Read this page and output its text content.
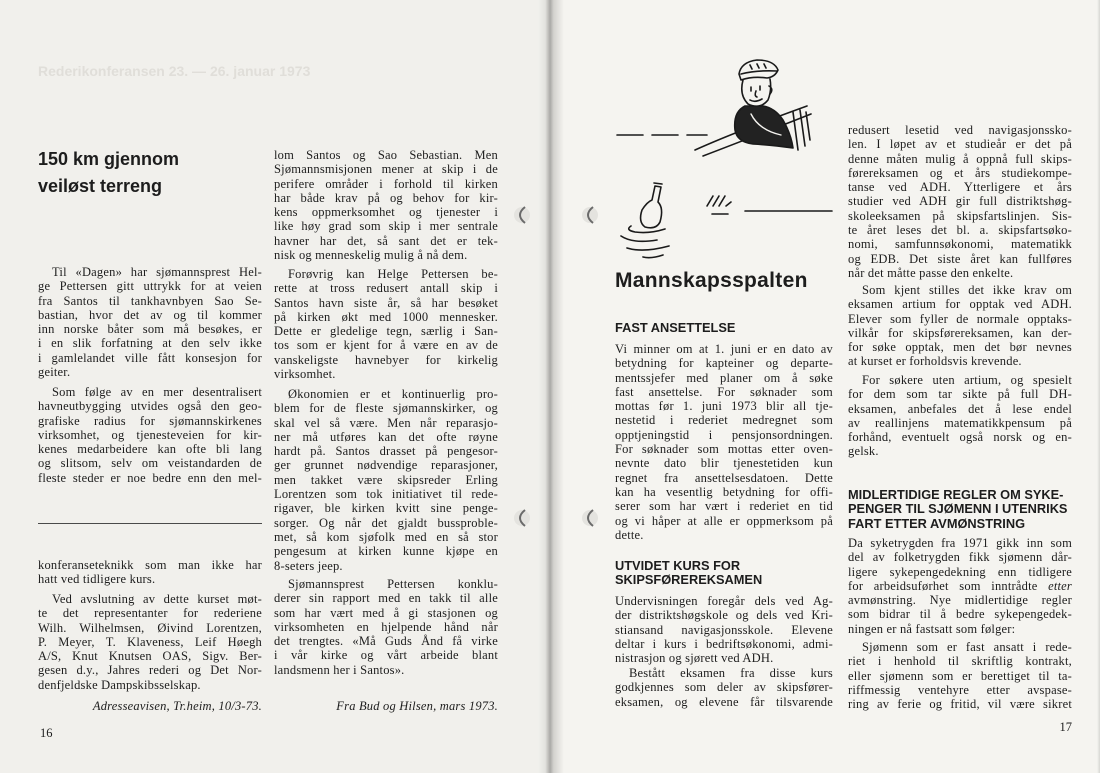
Rederikonferansen 23. — 26. januar 1973
150 km gjennom
veiløst terreng
Til «Dagen» har sjømannsprest Hel-
ge Pettersen gitt uttrykk for at veien
fra Santos til tankhavnbyen Sao Se-
bastian, hvor det av og til kommer
inn norske båter som må besøkes, er
i en slik forfatning at den selv ikke
i gamlelandet ville fått konsesjon for
geiter.
Som følge av en mer desentralisert
havneutbygging utvides også den geo-
grafiske radius for sjømannskirkenes
virksomhet, og tjenesteveien for kir-
kenes medarbeidere kan ofte bli lang
og slitsom, selv om veistandarden de
fleste steder er noe bedre enn den mel-
konferanseteknikk som man ikke har
hatt ved tidligere kurs.
Ved avslutning av dette kurset møt-
te det representanter for rederiene
Wilh. Wilhelmsen, Øivind Lorentzen,
P. Meyer, T. Klaveness, Leif Høegh
A/S, Knut Knutsen OAS, Sigv. Ber-
gesen d.y., Jahres rederi og Det Nor-
denfjeldske Dampskibsselskap.
Adresseavisen, Tr.heim, 10/3-73.
16
lom Santos og Sao Sebastian. Men
Sjømannsmisjonen mener at skip i de
perifere områder i forhold til kirken
har både krav på og behov for kir-
kens oppmerksomhet og tjenester i
like høy grad som skip i mer sentrale
havner har det, så sant det er tek-
nisk og menneskelig mulig å nå dem.
Forøvrig kan Helge Pettersen be-
rette at tross redusert antall skip i
Santos havn siste år, så har besøket
på kirken økt med 1000 mennesker.
Dette er gledelige tegn, særlig i San-
tos som er kjent for å være en av de
vanskeligste havnebyer for kirkelig
virksomhet.
Økonomien er et kontinuerlig pro-
blem for de fleste sjømannskirker, og
skal vel så være. Men når reparasjo-
ner må utføres kan det ofte røyne
hardt på. Santos drasset på pengesor-
ger grunnet nødvendige reparasjoner,
men takket være skipsreder Erling
Lorentzen som tok initiativet til rede-
rigaver, ble kirken kvitt sine penge-
sorger. Og når det gjaldt bussproble-
met, så kom sjøfolk med en så stor
pengesum at kirken kunne kjøpe en
8-seters jeep.
Sjømannsprest Pettersen konklu-
derer sin rapport med en takk til alle
som har vært med å gi stasjonen og
virksomheten en hjelpende hånd når
det trengtes. «Må Guds Ånd få virke
i vår kirke og vårt arbeide blant
landsmenn her i Santos».
Fra Bud og Hilsen, mars 1973.
Mannskapsspalten
FAST ANSETTELSE
Vi minner om at 1. juni er en dato av
betydning for kapteiner og departe-
mentssjefer med planer om å søke
fast ansettelse. For søknader som
mottas før 1. juni 1973 blir all tje-
nestetid i rederiet medregnet som
opptjeningstid i pensjonsordningen.
For søknader som mottas etter oven-
nevnte dato blir tjenestetiden kun
regnet fra ansettelsesdatoen. Dette
kan ha vesentlig betydning for offi-
serer som har vært i rederiet en tid
og vi håper at alle er oppmerksom på
dette.
UTVIDET KURS FOR
SKIPSFØREREKSAMEN
Undervisningen foregår dels ved Ag-
der distriktshøgskole og dels ved Kri-
stiansand navigasjonsskole. Elevene
deltar i kurs i bedriftsøkonomi, admi-
nistrasjon og sjørett ved ADH.
Bestått eksamen fra disse kurs
godkjennes som deler av skipsfører-
eksamen, og elevene får tilsvarende
redusert lesetid ved navigasjonssko-
len. I løpet av et studieår er det på
denne måten mulig å oppnå full skips-
førereksamen og et års studiekompe-
tanse ved ADH. Ytterligere et års
studier ved ADH gir full distriktshøg-
skoleeksamen på skipsfartslinjen. Sis-
te året leses det bl. a. skipsfartsøko-
nomi, samfunnsøkonomi, matematikk
og EDB. Det siste året kan fullføres
når det måtte passe den enkelte.
Som kjent stilles det ikke krav om
eksamen artium for opptak ved ADH.
Elever som fyller de normale opptaks-
vilkår for skipsførereksamen, kan der-
for søke opptak, men det bør nevnes
at kurset er forholdsvis krevende.
For søkere uten artium, og spesielt
for dem som tar sikte på full DH-
eksamen, anbefales det å lese endel
av reallinjens matematikkpensum på
forhånd, eventuelt også norsk og en-
gelsk.
MIDLERTIDIGE REGLER OM SYKE-
PENGER TIL SJØMENN I UTENRIKS
FART ETTER AVMØNSTRING
Da syketrygden fra 1971 gikk inn som
del av folketrygden fikk sjømenn dår-
ligere sykepengedekning enn tidligere
for arbeidsuførhet som inntrådte etter
avmønstring. Nye midlertidige regler
som bidrar til å bedre sykepengedek-
ningen er nå fastsatt som følger:
Sjømenn som er fast ansatt i rede-
riet i henhold til skriftlig kontrakt,
eller sjømenn som er berettiget til ta-
riffmessig ventehyre etter avspase-
ring av ferie og fritid, vil være sikret
17
